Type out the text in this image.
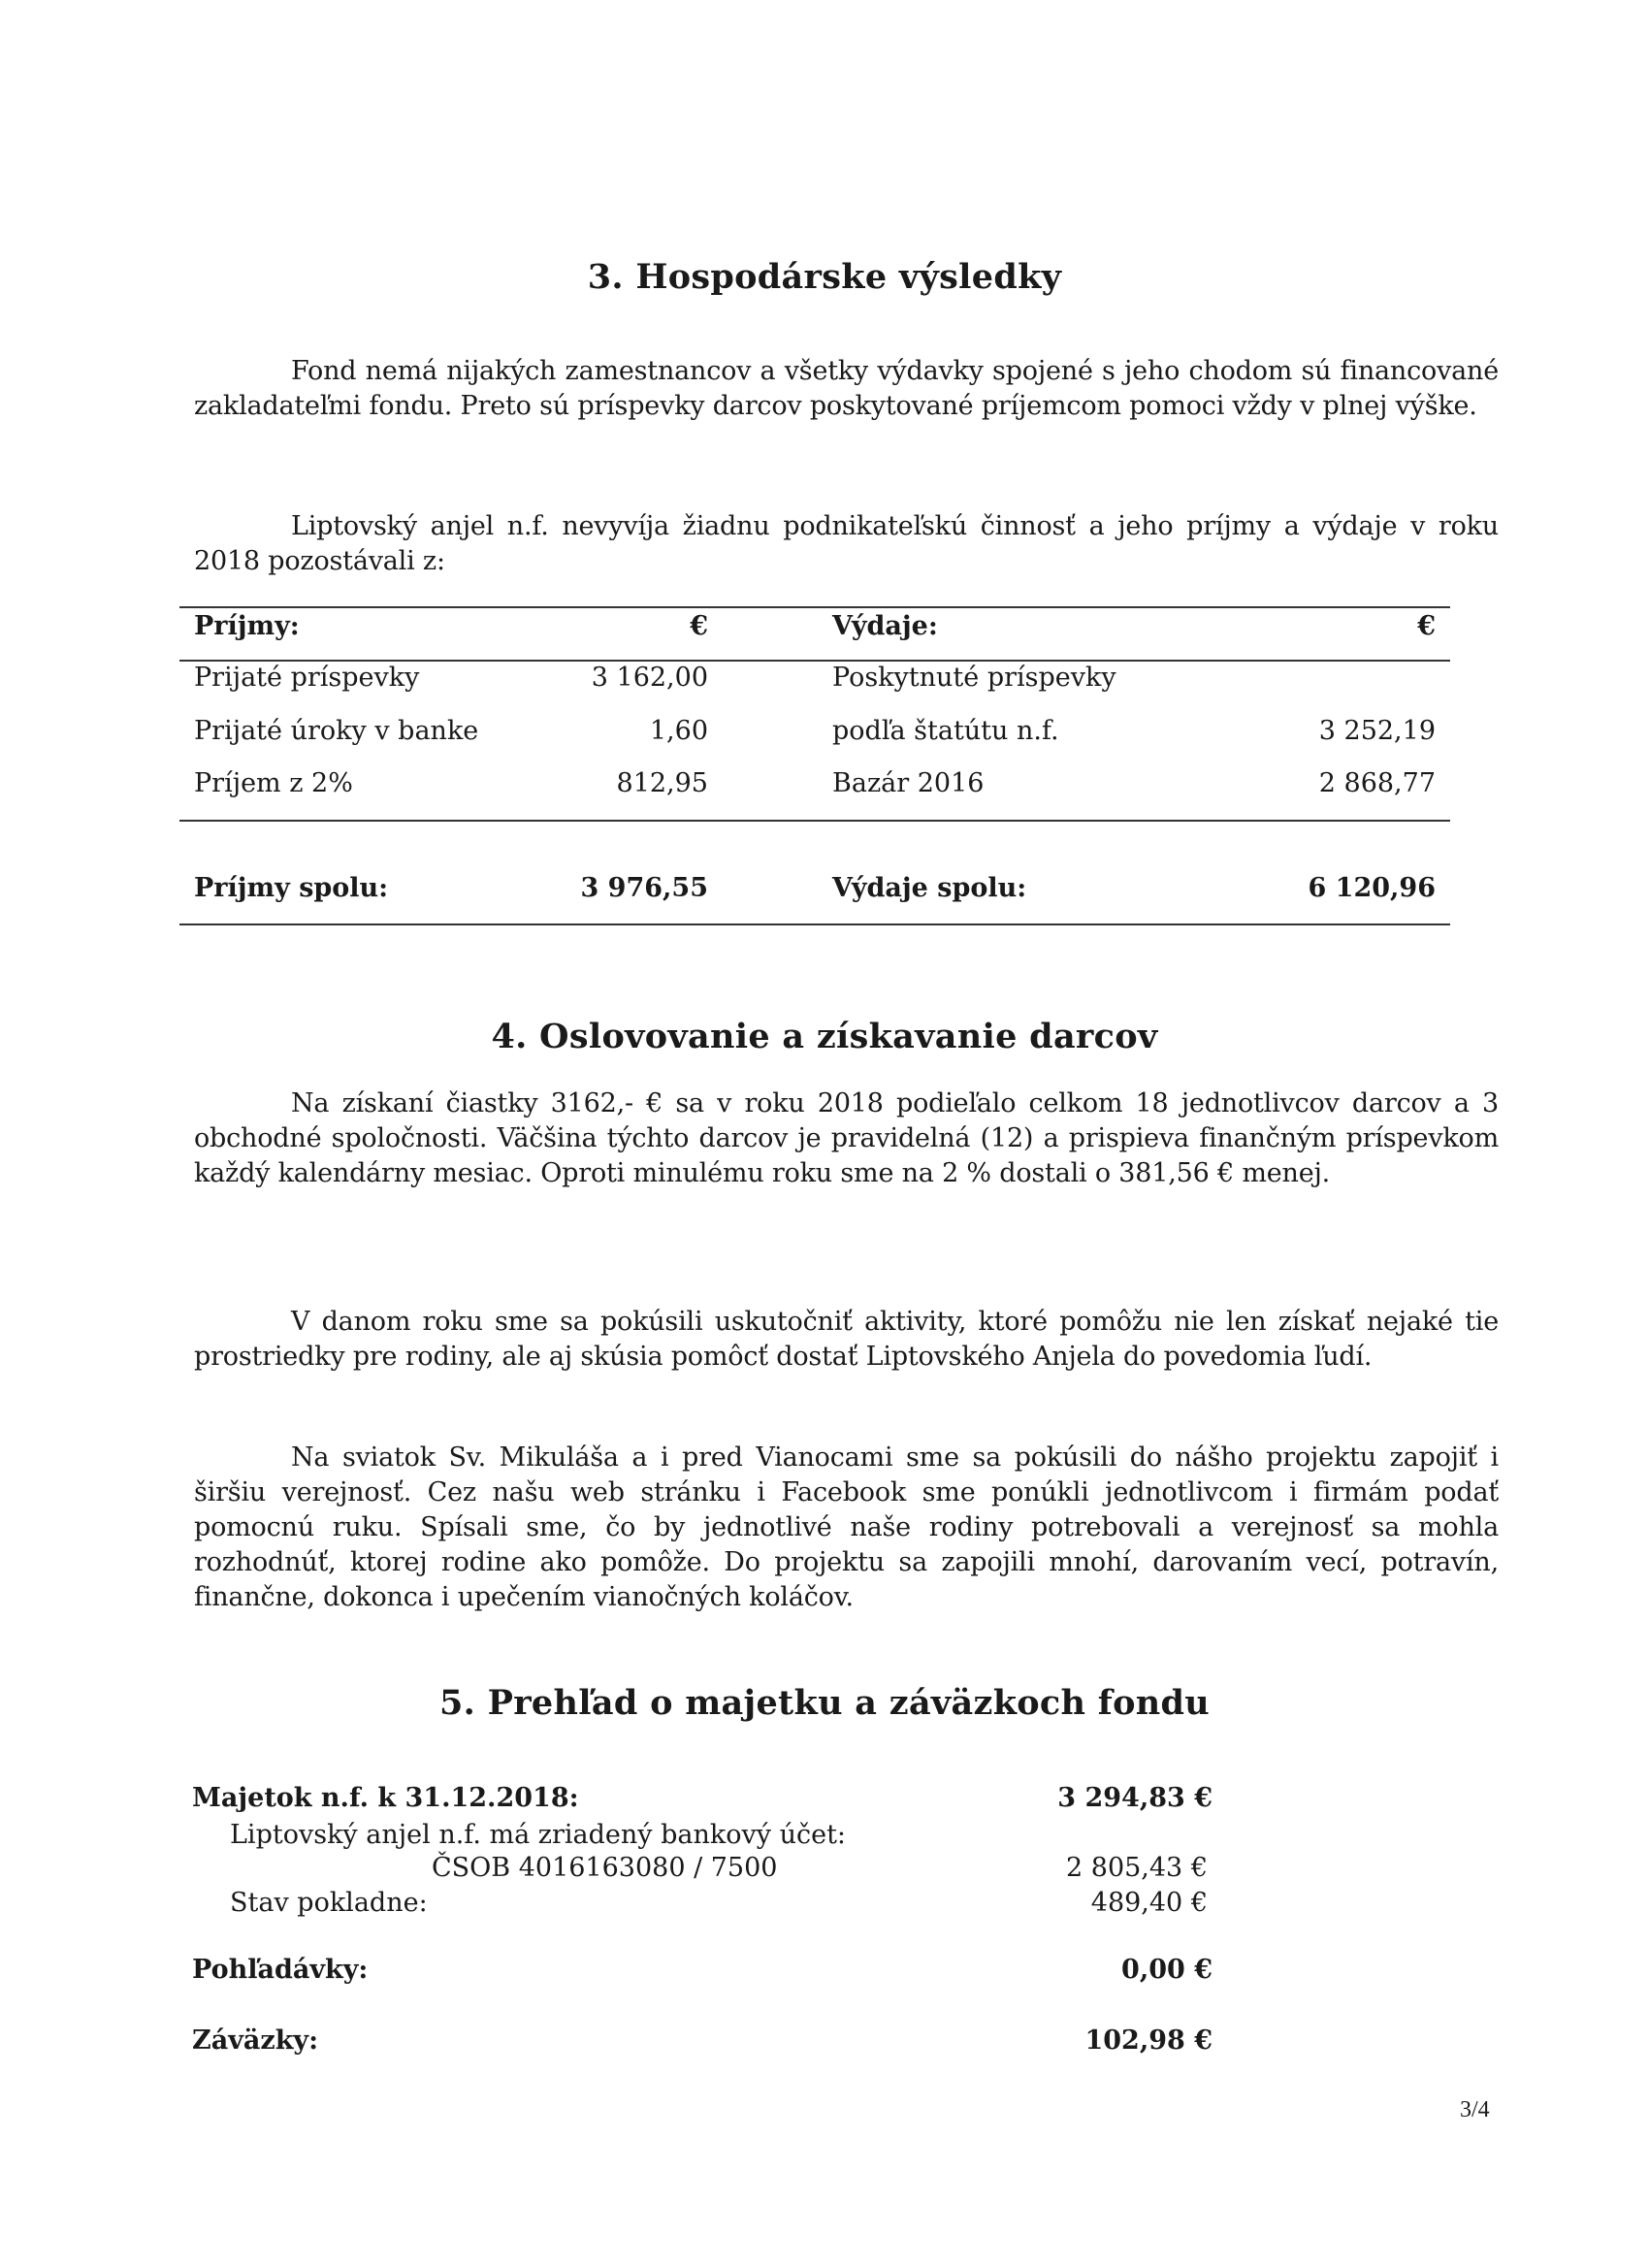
3. Hospodárske výsledky
Fond nemá nijakých zamestnancov a všetky výdavky spojené s jeho chodom sú financované zakladateľmi fondu. Preto sú príspevky darcov poskytované príjemcom pomoci vždy v plnej výške.
Liptovský anjel n.f. nevyvíja žiadnu podnikateľskú činnosť a jeho príjmy a výdaje v roku 2018 pozostávali z:
Príjmy:	€	Výdaje:	€
Prijaté príspevky	3 162,00	Poskytnuté príspevky
Prijaté úroky v banke	1,60	podľa štatútu n.f.	3 252,19
Príjem z 2%	812,95	Bazár 2016	2 868,77
Príjmy spolu:	3 976,55	Výdaje spolu:	6 120,96
4. Oslovovanie a získavanie darcov
Na získaní čiastky 3162,- € sa v roku 2018 podieľalo celkom 18 jednotlivcov darcov a 3 obchodné spoločnosti. Väčšina týchto darcov je pravidelná (12) a prispieva finančným príspevkom každý kalendárny mesiac. Oproti minulému roku sme na 2 % dostali o 381,56 € menej.
V danom roku sme sa pokúsili uskutočniť aktivity, ktoré pomôžu nie len získať nejaké tie prostriedky pre rodiny, ale aj skúsia pomôcť dostať Liptovského Anjela do povedomia ľudí.
Na sviatok Sv. Mikuláša a i pred Vianocami sme sa pokúsili do nášho projektu zapojiť i širšiu verejnosť. Cez našu web stránku i Facebook sme ponúkli jednotlivcom i firmám podať pomocnú ruku. Spísali sme, čo by jednotlivé naše rodiny potrebovali a verejnosť sa mohla rozhodnúť, ktorej rodine ako pomôže. Do projektu sa zapojili mnohí, darovaním vecí, potravín, finančne, dokonca i upečením vianočných koláčov.
5. Prehľad o majetku a záväzkoch fondu
Majetok n.f. k 31.12.2018:	3 294,83 €
Liptovský anjel n.f. má zriadený bankový účet:
ČSOB 4016163080 / 7500	2 805,43 €
Stav pokladne:	489,40 €
Pohľadávky:	0,00 €
Záväzky:	102,98 €
3/4
